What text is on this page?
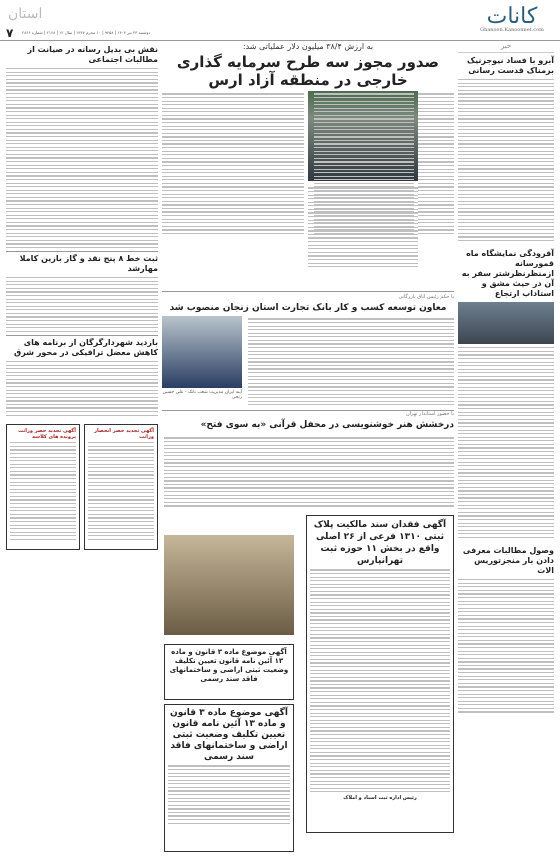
کانات
Ghanoon.Kanoonnet.com
استان
۷ دوشنبه ۲۳ تیر ۱۴۰۴ | ۹۴۵۸ | ۱۰ محرم ۱۴۴۷ | سال ۱۲ | ۲۱۶۸ | شماره ۲۸۶۶
خبر
آبرو با فساد نیوجرنیک برمناک قدست رسانی
آقرودگی نمایشگاه ماه قمورسانه ازمنظرنظرشتر سفر به آن در حیث مشق و استاداب ارتجاع
وصول مطالبات معرفی دادن بار منجزتوریس الات
به ارزش ۳۸/۴ میلیون دلار عملیاتی شد:
صدور مجوز سه طرح سرمایه گذاری خارجی در منطقه آزاد ارس
با حکم رئیس اتاق بازرگانی
معاون توسعه کسب و کار بانک تجارت استان زنجان منصوب شد
آینه ایران مدیریت شعب بانک - علی حسین رنجی
با حضور استاندار تهران
درخشش هنر خوشنویسی در محفل قرآنی «به سوی فتح»
آگهی فقدان سند مالکیت پلاک ثبتی ۱۳۱۰ فرعی از ۲۶ اصلی واقع در بخش ۱۱ حوزه ثبت تهرانپارس
رئیس اداره ثبت اسناد و املاک
نقش بی بدیل رسانه در صیانت از مطالبات اجتماعی
ثبت خط ۸ پنج نقد و گاز بازین کاملا مهارشد
بازدید شهردارگرگان از برنامه های کاهش معضل ترافیکی در محور شرق
آگهی تجدید حصر انحصار وراثت
آگهی تجدید حصر وراثت پرونده های کلاسه
آگهی موضوع ماده ۳ قانون و ماده ۱۳ آئین نامه قانون تعیین تکلیف وضعیت ثبتی اراضی و ساختمانهای فاقد سند رسمی
آگهی موضوع ماده ۳ قانون و ماده ۱۳ آئین نامه قانون تعیین تکلیف وضعیت ثبتی اراضی و ساختمانهای فاقد سند رسمی
